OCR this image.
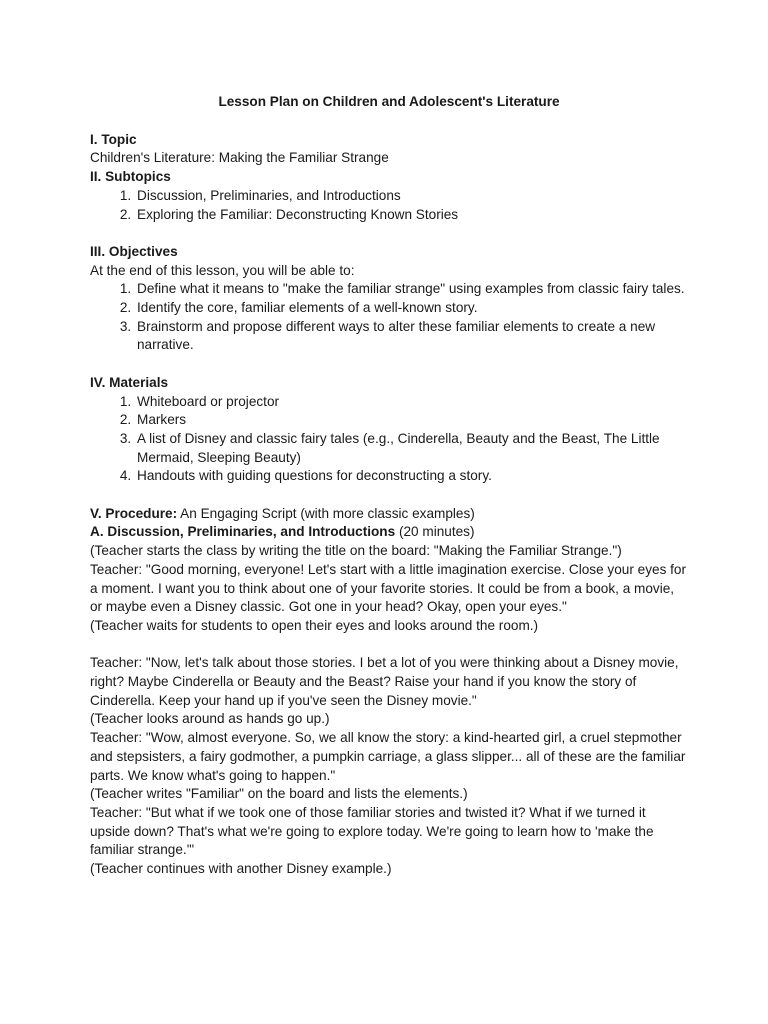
Lesson Plan on Children and Adolescent's Literature

I. Topic

Children's Literature: Making the Familiar Strange

II. Subtopics

1. Discussion, Preliminaries, and Introductions
2. Exploring the Familiar: Deconstructing Known Stories

III. Objectives

At the end of this lesson, you will be able to:

1. Define what it means to "make the familiar strange" using examples from classic fairy tales.
2. Identify the core, familiar elements of a well-known story.
3. Brainstorm and propose different ways to alter these familiar elements to create a new narrative.

IV. Materials

1. Whiteboard or projector
2. Markers
3. A list of Disney and classic fairy tales (e.g., Cinderella, Beauty and the Beast, The Little Mermaid, Sleeping Beauty)
4. Handouts with guiding questions for deconstructing a story.

V. Procedure: An Engaging Script (with more classic examples)

A. Discussion, Preliminaries, and Introductions (20 minutes)

(Teacher starts the class by writing the title on the board: "Making the Familiar Strange.")

Teacher: "Good morning, everyone! Let's start with a little imagination exercise. Close your eyes for a moment. I want you to think about one of your favorite stories. It could be from a book, a movie, or maybe even a Disney classic. Got one in your head? Okay, open your eyes."

(Teacher waits for students to open their eyes and looks around the room.)

Teacher: "Now, let's talk about those stories. I bet a lot of you were thinking about a Disney movie, right? Maybe Cinderella or Beauty and the Beast? Raise your hand if you know the story of Cinderella. Keep your hand up if you've seen the Disney movie."

(Teacher looks around as hands go up.)

Teacher: "Wow, almost everyone. So, we all know the story: a kind-hearted girl, a cruel stepmother and stepsisters, a fairy godmother, a pumpkin carriage, a glass slipper... all of these are the familiar parts. We know what's going to happen."

(Teacher writes "Familiar" on the board and lists the elements.)

Teacher: "But what if we took one of those familiar stories and twisted it? What if we turned it upside down? That's what we're going to explore today. We're going to learn how to 'make the familiar strange.'"

(Teacher continues with another Disney example.)
